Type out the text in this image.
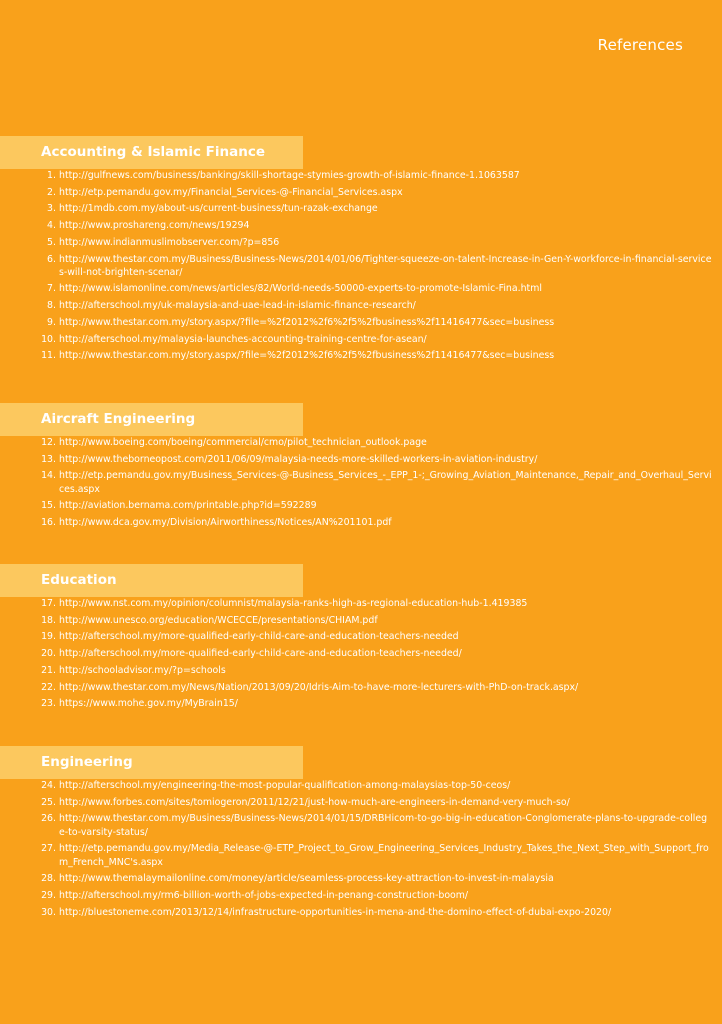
References
Accounting & Islamic Finance
1. http://gulfnews.com/business/banking/skill-shortage-stymies-growth-of-islamic-finance-1.1063587
2. http://etp.pemandu.gov.my/Financial_Services-@-Financial_Services.aspx
3. http://1mdb.com.my/about-us/current-business/tun-razak-exchange
4. http://www.proshareng.com/news/19294
5. http://www.indianmuslimobserver.com/?p=856
6. http://www.thestar.com.my/Business/Business-News/2014/01/06/Tighter-squeeze-on-talent-Increase-in-Gen-Y-workforce-in-financial-services-will-not-brighten-scenar/
7. http://www.islamonline.com/news/articles/82/World-needs-50000-experts-to-promote-Islamic-Fina.html
8. http://afterschool.my/uk-malaysia-and-uae-lead-in-islamic-finance-research/
9. http://www.thestar.com.my/story.aspx/?file=%2f2012%2f6%2f5%2fbusiness%2f11416477&sec=business
10. http://afterschool.my/malaysia-launches-accounting-training-centre-for-asean/
11. http://www.thestar.com.my/story.aspx/?file=%2f2012%2f6%2f5%2fbusiness%2f11416477&sec=business
Aircraft Engineering
12. http://www.boeing.com/boeing/commercial/cmo/pilot_technician_outlook.page
13. http://www.theborneopost.com/2011/06/09/malaysia-needs-more-skilled-workers-in-aviation-industry/
14. http://etp.pemandu.gov.my/Business_Services-@-Business_Services_-_EPP_1-;_Growing_Aviation_Maintenance,_Repair_and_Overhaul_Services.aspx
15. http://aviation.bernama.com/printable.php?id=592289
16. http://www.dca.gov.my/Division/Airworthiness/Notices/AN%201101.pdf
Education
17. http://www.nst.com.my/opinion/columnist/malaysia-ranks-high-as-regional-education-hub-1.419385
18. http://www.unesco.org/education/WCECCE/presentations/CHIAM.pdf
19. http://afterschool.my/more-qualified-early-child-care-and-education-teachers-needed
20. http://afterschool.my/more-qualified-early-child-care-and-education-teachers-needed/
21. http://schooladvisor.my/?p=schools
22. http://www.thestar.com.my/News/Nation/2013/09/20/Idris-Aim-to-have-more-lecturers-with-PhD-on-track.aspx/
23. https://www.mohe.gov.my/MyBrain15/
Engineering
24. http://afterschool.my/engineering-the-most-popular-qualification-among-malaysias-top-50-ceos/
25. http://www.forbes.com/sites/tomiogeron/2011/12/21/just-how-much-are-engineers-in-demand-very-much-so/
26. http://www.thestar.com.my/Business/Business-News/2014/01/15/DRBHicom-to-go-big-in-education-Conglomerate-plans-to-upgrade-college-to-varsity-status/
27. http://etp.pemandu.gov.my/Media_Release-@-ETP_Project_to_Grow_Engineering_Services_Industry_Takes_the_Next_Step_with_Support_from_French_MNC's.aspx
28. http://www.themalaymailonline.com/money/article/seamless-process-key-attraction-to-invest-in-malaysia
29. http://afterschool.my/rm6-billion-worth-of-jobs-expected-in-penang-construction-boom/
30. http://bluestoneme.com/2013/12/14/infrastructure-opportunities-in-mena-and-the-domino-effect-of-dubai-expo-2020/
